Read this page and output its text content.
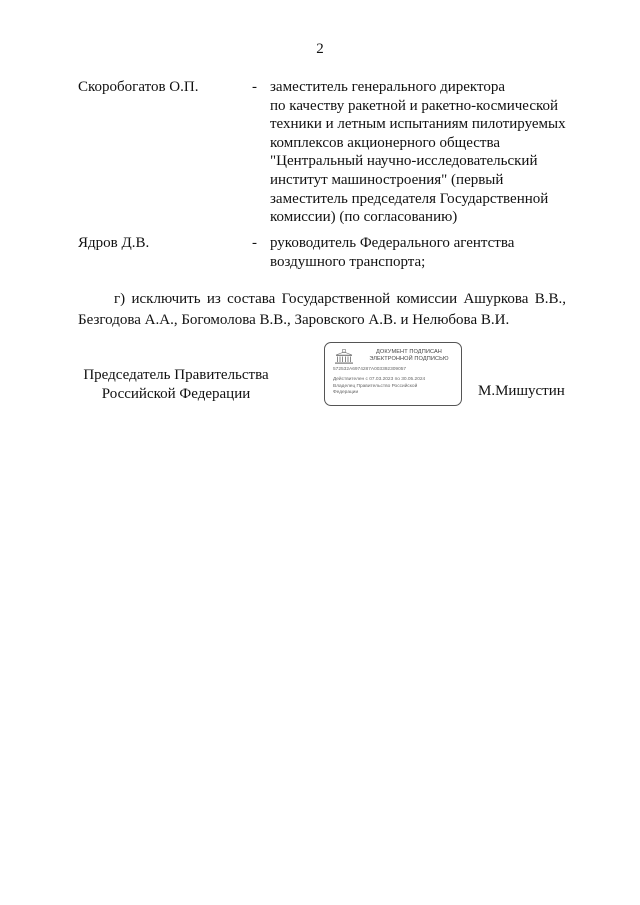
2
Скоробогатов О.П.	- заместитель генерального директора
по качеству ракетной и ракетно-космической
техники и летным испытаниям пилотируемых
комплексов акционерного общества
"Центральный научно-исследовательский
институт машиностроения" (первый
заместитель председателя Государственной
комиссии) (по согласованию)
Ядров Д.В.	- руководитель Федерального агентства
воздушного транспорта;
г) исключить из состава Государственной комиссии Ашуркова В.В.,
Безгодова А.А., Богомолова В.В., Заровского А.В. и Нелюбова В.И.
Председатель Правительства
Российской Федерации
ДОКУМЕНТ ПОДПИСАН
ЭЛЕКТРОННОЙ ПОДПИСЬЮ
572532A6974287A003392309057
Действителен с 07.03.2023 по 30.05.2024
Владелец Правительство Российской
Федерации	М.Мишустин
